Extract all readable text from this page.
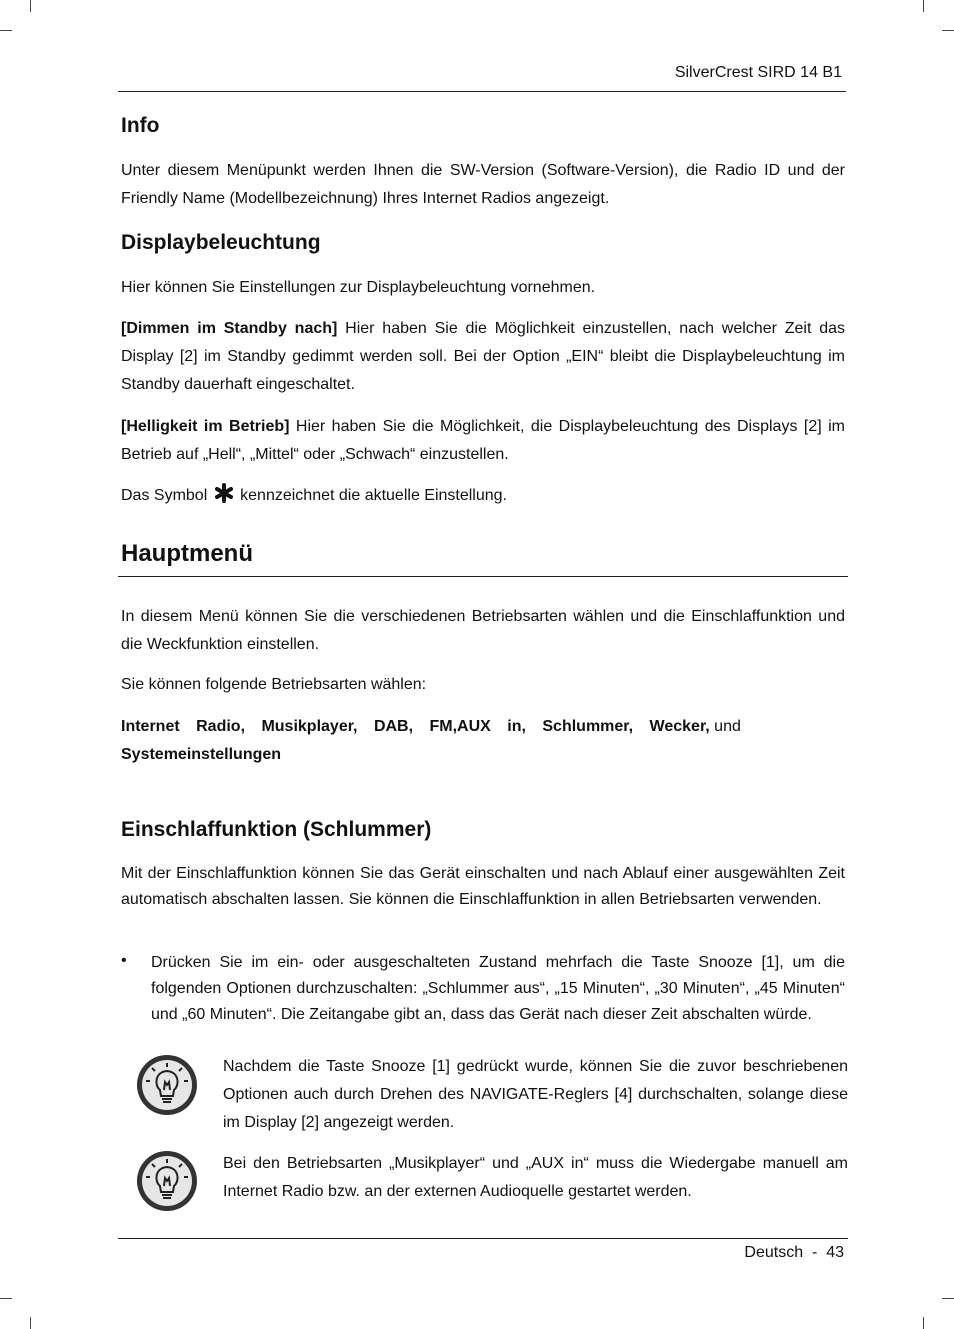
SilverCrest SIRD 14 B1
Info
Unter diesem Menüpunkt werden Ihnen die SW-Version (Software-Version), die Radio ID und der Friendly Name (Modellbezeichnung) Ihres Internet Radios angezeigt.
Displaybeleuchtung
Hier können Sie Einstellungen zur Displaybeleuchtung vornehmen.
[Dimmen im Standby nach] Hier haben Sie die Möglichkeit einzustellen, nach welcher Zeit das Display [2] im Standby gedimmt werden soll. Bei der Option „EIN“ bleibt die Displaybeleuchtung im Standby dauerhaft eingeschaltet.
[Helligkeit im Betrieb] Hier haben Sie die Möglichkeit, die Displaybeleuchtung des Displays [2] im Betrieb auf „Hell“, „Mittel“ oder „Schwach“ einzustellen.
Das Symbol kennzeichnet die aktuelle Einstellung.
Hauptmenü
In diesem Menü können Sie die verschiedenen Betriebsarten wählen und die Einschlaffunktion und die Weckfunktion einstellen.
Sie können folgende Betriebsarten wählen:
Internet Radio, Musikplayer, DAB, FM,AUX in, Schlummer, Wecker, und
Systemeinstellungen
Einschlaffunktion (Schlummer)
Mit der Einschlaffunktion können Sie das Gerät einschalten und nach Ablauf einer ausgewählten Zeit automatisch abschalten lassen. Sie können die Einschlaffunktion in allen Betriebsarten verwenden.
• Drücken Sie im ein- oder ausgeschalteten Zustand mehrfach die Taste Snooze [1], um die folgenden Optionen durchzuschalten: „Schlummer aus“, „15 Minuten“, „30 Minuten“, „45 Minuten“ und „60 Minuten“. Die Zeitangabe gibt an, dass das Gerät nach dieser Zeit abschalten würde.
Nachdem die Taste Snooze [1] gedrückt wurde, können Sie die zuvor beschriebenen Optionen auch durch Drehen des NAVIGATE-Reglers [4] durchschalten, solange diese im Display [2] angezeigt werden.
Bei den Betriebsarten „Musikplayer“ und „AUX in“ muss die Wiedergabe manuell am Internet Radio bzw. an der externen Audioquelle gestartet werden.
Deutsch  -  43
